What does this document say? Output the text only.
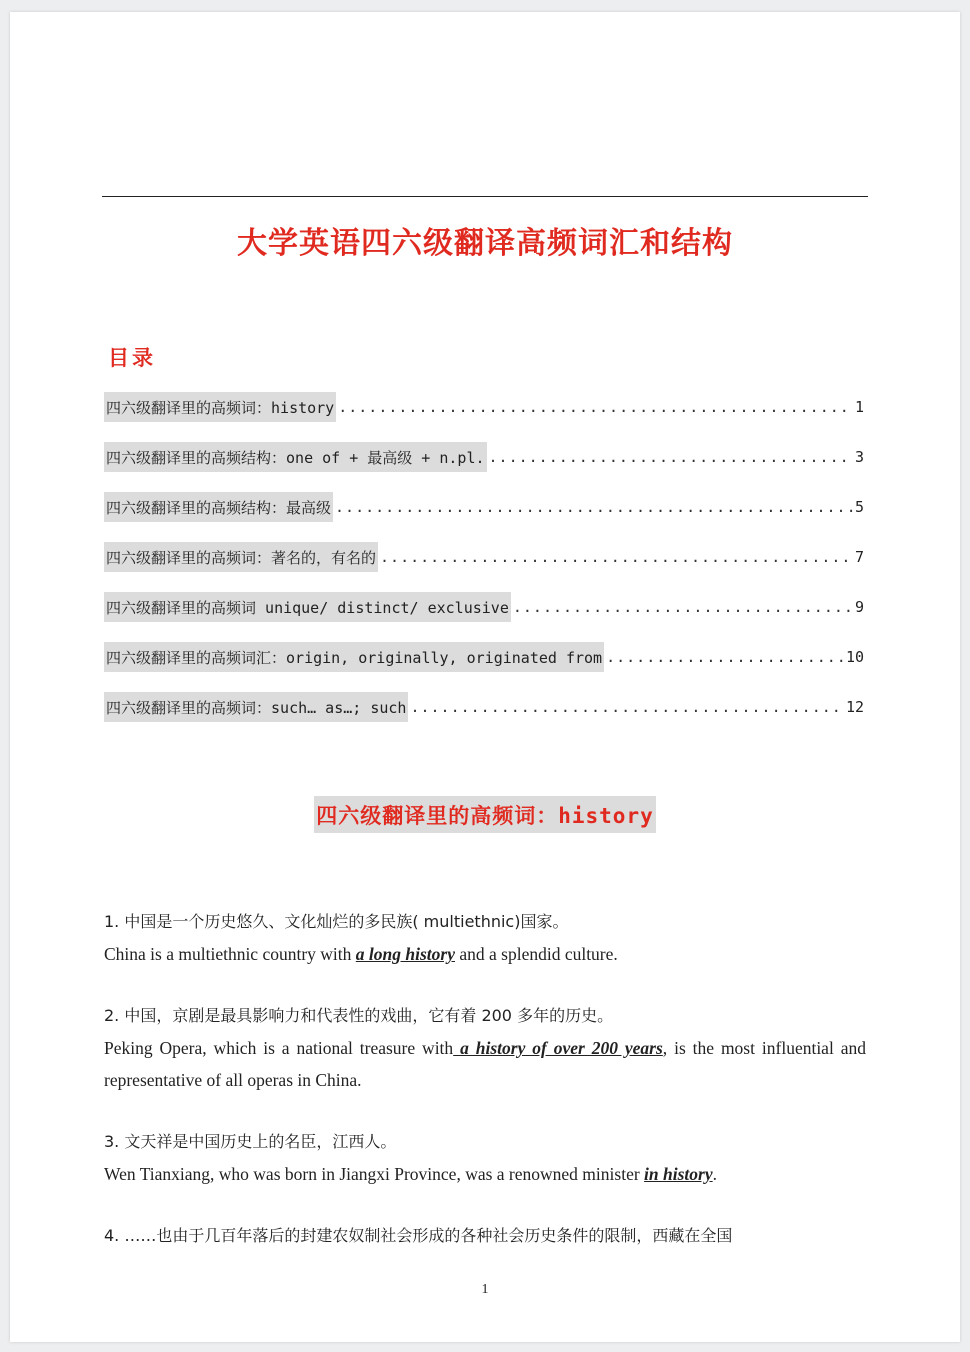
大学英语四六级翻译高频词汇和结构
目录
四六级翻译里的高频词：history .....	1
四六级翻译里的高频结构：one of + 最高级 + n.pl. .....	3
四六级翻译里的高频结构：最高级 .....	5
四六级翻译里的高频词：著名的，有名的 .....	7
四六级翻译里的高频词 unique/ distinct/ exclusive .....	9
四六级翻译里的高频词汇：origin, originally, originated from .....	10
四六级翻译里的高频词：such… as…; such .....	12
四六级翻译里的高频词：history

1. 中国是一个历史悠久、文化灿烂的多民族( multiethnic)国家。

China is a multiethnic country with a long history and a splendid culture.

2. 中国，京剧是最具影响力和代表性的戏曲，它有着 200 多年的历史。

Peking Opera, which is a national treasure with a history of over 200 years, is the most influential and representative of all operas in China.

3. 文天祥是中国历史上的名臣，江西人。

Wen Tianxiang, who was born in Jiangxi Province, was a renowned minister in history.

4. ……也由于几百年落后的封建农奴制社会形成的各种社会历史条件的限制，西藏在全国

1
